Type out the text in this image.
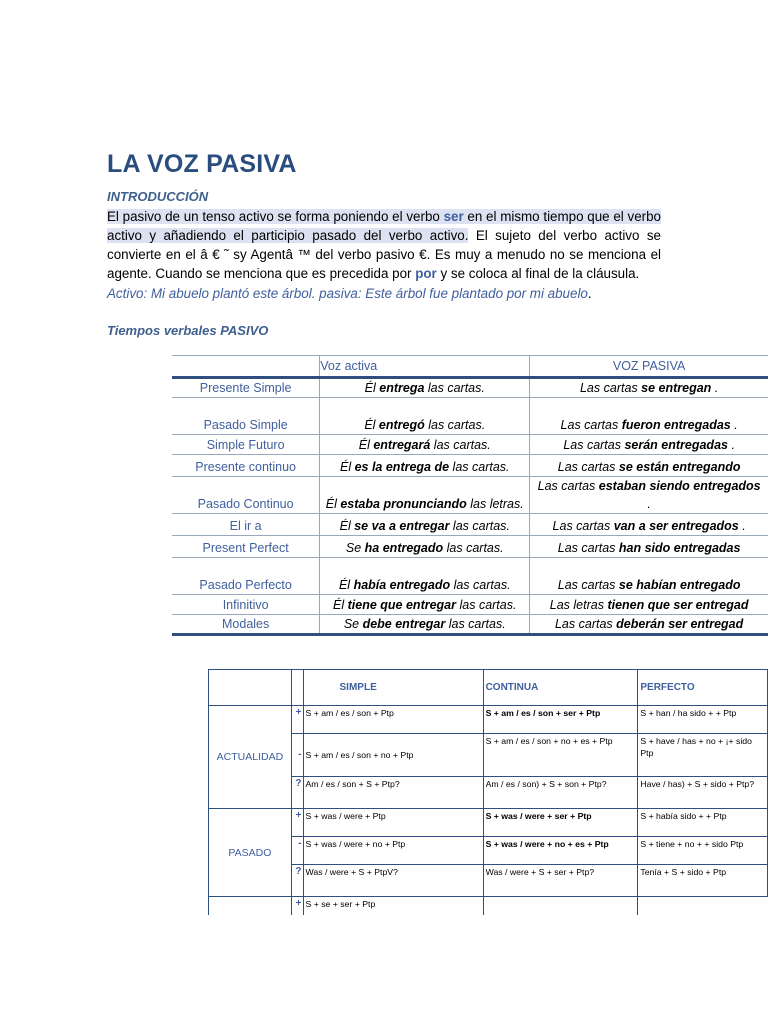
LA VOZ PASIVA
INTRODUCCIÓN
El pasivo de un tenso activo se forma poniendo el verbo ser en el mismo tiempo que el verbo activo y añadiendo el participio pasado del verbo activo. El sujeto del verbo activo se convierte en el â € ˜ sy Agentâ ™ del verbo pasivo €. Es muy a menudo no se menciona el agente. Cuando se menciona que es precedida por por y se coloca al final de la cláusula.
Activo: Mi abuelo plantó este árbol. pasiva: Este árbol fue plantado por mi abuelo.
Tiempos verbales PASIVO
	Voz activa	VOZ PASIVA
Presente Simple	Él entrega las cartas.	Las cartas se entregan .
Pasado Simple	Él entregó las cartas.	Las cartas fueron entregadas .
Simple Futuro	Él entregará las cartas.	Las cartas serán entregadas .
Presente continuo	Él es la entrega de las cartas.	Las cartas se están entregando
Pasado Continuo	Él estaba pronunciando las letras.	Las cartas estaban siendo entregados .
El ir a	Él se va a entregar las cartas.	Las cartas van a ser entregados .
Present Perfect	Se ha entregado las cartas.	Las cartas han sido entregadas
Pasado Perfecto	Él había entregado las cartas.	Las cartas se habían entregado
Infinitivo	Él tiene que entregar las cartas.	Las letras tienen que ser entregad
Modales	Se debe entregar las cartas.	Las cartas deberán ser entregad
		SIMPLE	CONTINUA	PERFECTO
ACTUALIDAD	+	S + am / es / son + Ptp	S + am / es / son + ser + Ptp	S + han / ha sido + + Ptp
	-	S + am / es / son + no + Ptp	S + am / es / son + no + es + Ptp	S + have / has + no + ¡+ sido Ptp
	?	Am / es / son + S + Ptp?	Am / es / son) + S + son + Ptp?	Have / has) + S + sido + Ptp?
PASADO	+	S + was / were + Ptp	S + was / were + ser + Ptp	S + había sido + + Ptp
	-	S + was / were + no + Ptp	S + was / were + no + es + Ptp	S + tiene + no + + sido Ptp
	?	Was / were + S + PtpV?	Was / were + S + ser + Ptp?	Tenía + S + sido + Ptp
	+	S + se + ser + Ptp		
